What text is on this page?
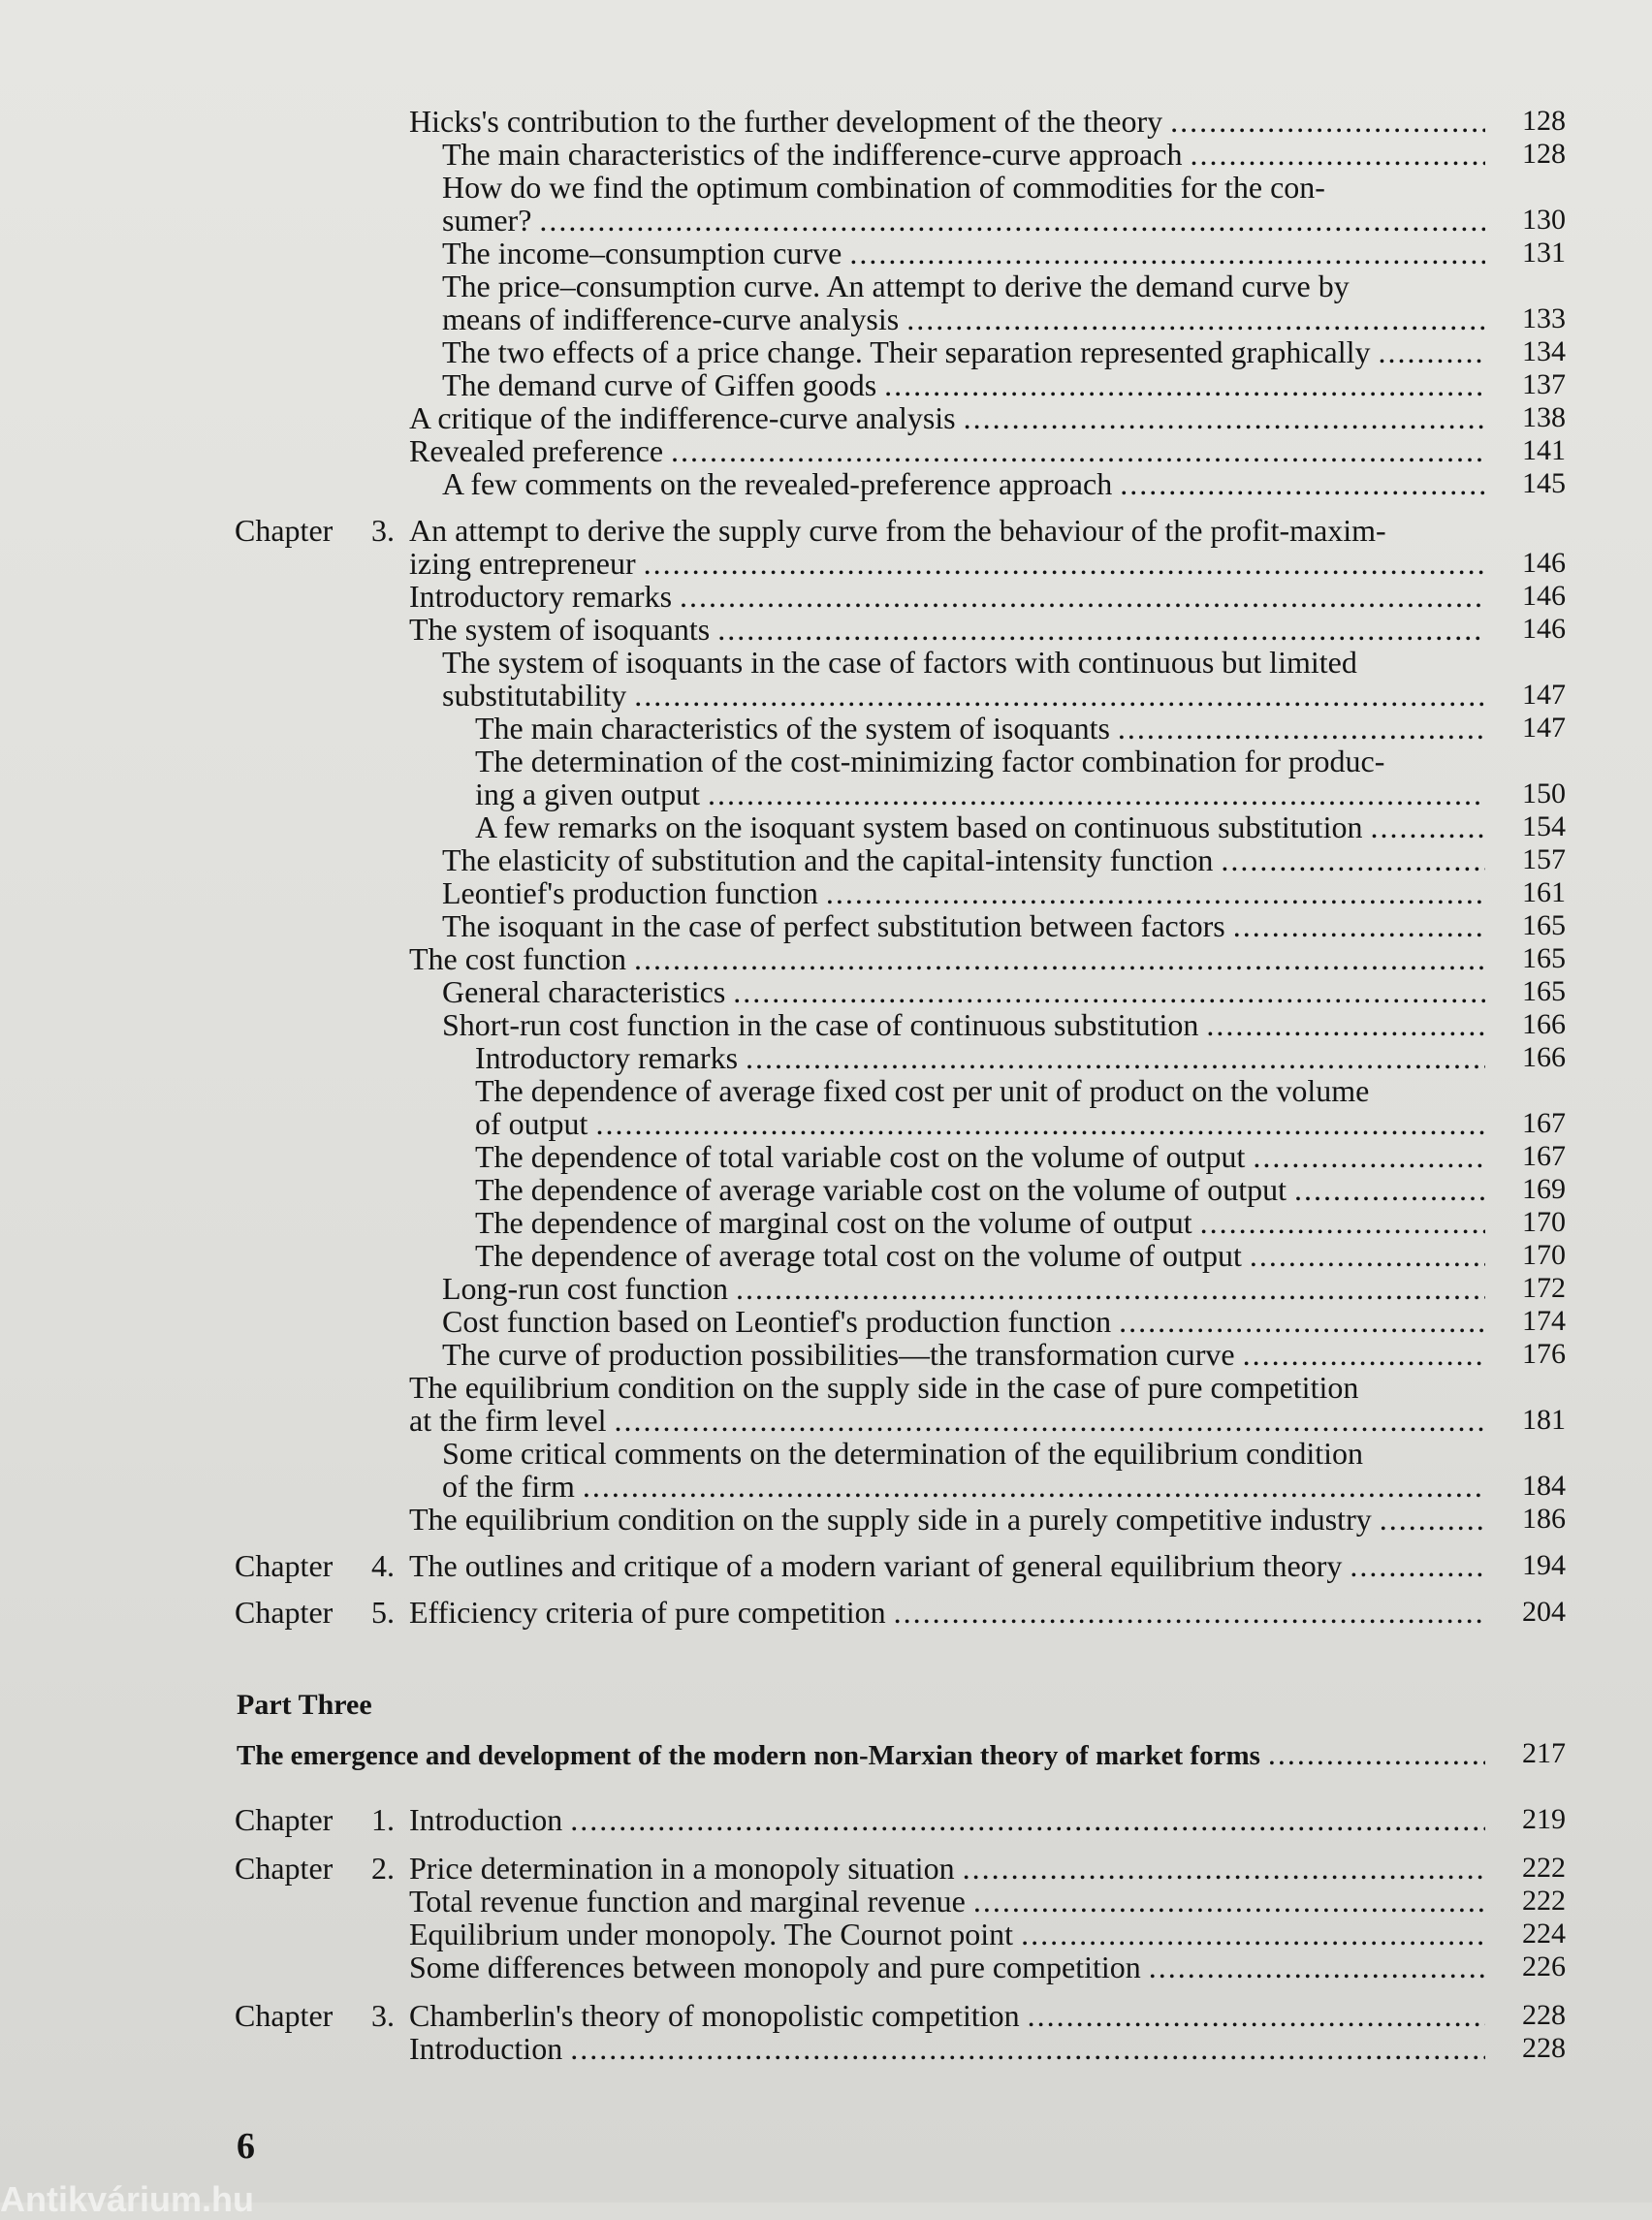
Hicks's contribution to the further development of the theory . . .	128
The main characteristics of the indifference-curve approach . . .	128
How do we find the optimum combination of commodities for the con-
sumer? . . .	130
The income–consumption curve . . .	131
The price–consumption curve. An attempt to derive the demand curve by
means of indifference-curve analysis . . .	133
The two effects of a price change. Their separation represented graphically . . .	134
The demand curve of Giffen goods . . .	137
A critique of the indifference-curve analysis . . .	138
Revealed preference . . .	141
A few comments on the revealed-preference approach . . .	145
Chapter 3. An attempt to derive the supply curve from the behaviour of the profit-maxim-
izing entrepreneur . . .	146
Introductory remarks . . .	146
The system of isoquants . . .	146
The system of isoquants in the case of factors with continuous but limited
substitutability . . .	147
The main characteristics of the system of isoquants . . .	147
The determination of the cost-minimizing factor combination for produc-
ing a given output . . .	150
A few remarks on the isoquant system based on continuous substitution . . .	154
The elasticity of substitution and the capital-intensity function . . .	157
Leontief's production function . . .	161
The isoquant in the case of perfect substitution between factors . . .	165
The cost function . . .	165
General characteristics . . .	165
Short-run cost function in the case of continuous substitution . . .	166
Introductory remarks . . .	166
The dependence of average fixed cost per unit of product on the volume
of output . . .	167
The dependence of total variable cost on the volume of output . . .	167
The dependence of average variable cost on the volume of output . . .	169
The dependence of marginal cost on the volume of output . . .	170
The dependence of average total cost on the volume of output . . .	170
Long-run cost function . . .	172
Cost function based on Leontief's production function . . .	174
The curve of production possibilities—the transformation curve . . .	176
The equilibrium condition on the supply side in the case of pure competition
at the firm level . . .	181
Some critical comments on the determination of the equilibrium condition
of the firm . . .	184
The equilibrium condition on the supply side in a purely competitive industry . . .	186
Chapter 4. The outlines and critique of a modern variant of general equilibrium theory . . .	194
Chapter 5. Efficiency criteria of pure competition . . .	204
Part Three
The emergence and development of the modern non-Marxian theory of market forms . . .	217
Chapter 1. Introduction . . .	219
Chapter 2. Price determination in a monopoly situation . . .	222
Total revenue function and marginal revenue . . .	222
Equilibrium under monopoly. The Cournot point . . .	224
Some differences between monopoly and pure competition . . .	226
Chapter 3. Chamberlin's theory of monopolistic competition . . .	228
Introduction . . .	228
6
Antikvárium.hu
